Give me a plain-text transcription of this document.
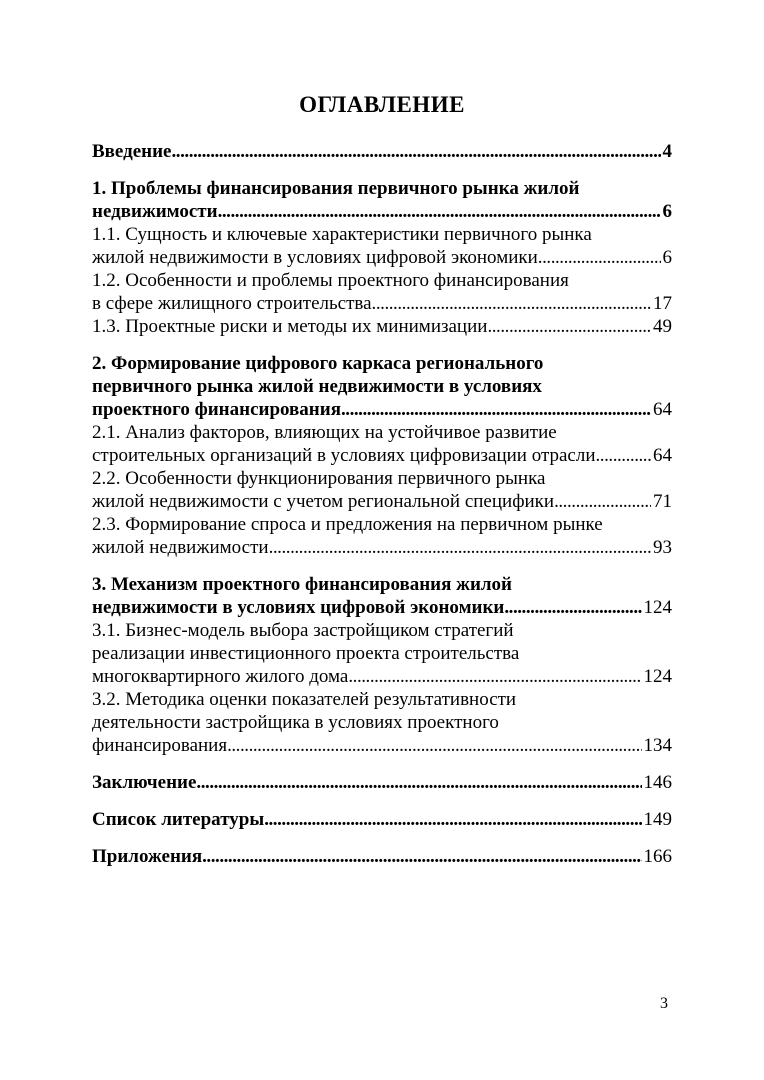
ОГЛАВЛЕНИЕ
Введение . . .	4
1. Проблемы финансирования первичного рынка жилой
недвижимости . . .	6
1.1. Сущность и ключевые характеристики первичного рынка
жилой недвижимости в условиях цифровой экономики . . .	6
1.2. Особенности и проблемы проектного финансирования
в сфере жилищного строительства . . .	17
1.3. Проектные риски и методы их минимизации . . .	49
2. Формирование цифрового каркаса регионального
первичного рынка жилой недвижимости в условиях
проектного финансирования . . .	64
2.1. Анализ факторов, влияющих на устойчивое развитие
строительных организаций в условиях цифровизации отрасли . . .	64
2.2. Особенности функционирования первичного рынка
жилой недвижимости с учетом региональной специфики . . .	71
2.3. Формирование спроса и предложения на первичном рынке
жилой недвижимости . . .	93
3. Механизм проектного финансирования жилой
недвижимости в условиях цифровой экономики . . .	124
3.1. Бизнес-модель выбора застройщиком стратегий
реализации инвестиционного проекта строительства
многоквартирного жилого дома . . .	124
3.2. Методика оценки показателей результативности
деятельности застройщика в условиях проектного
финансирования . . .	134
Заключение . . .	146
Список литературы . . .	149
Приложения . . .	166
3
